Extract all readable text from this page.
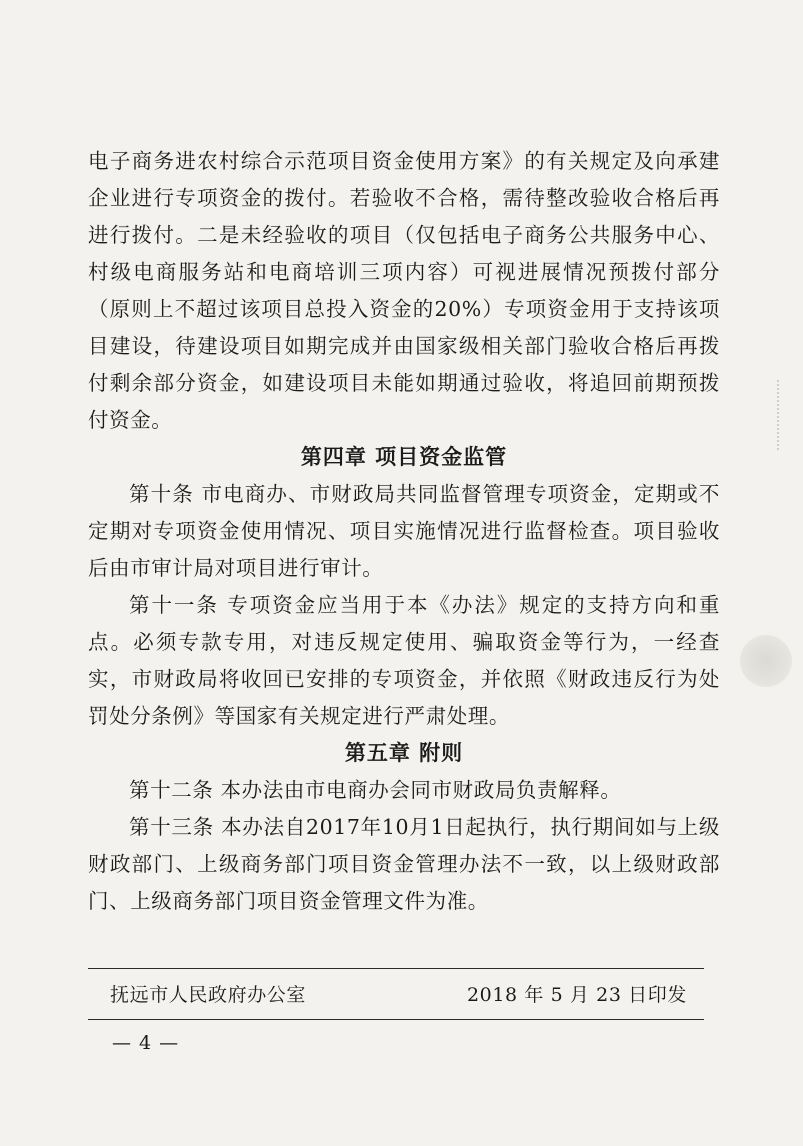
电子商务进农村综合示范项目资金使用方案》的有关规定及向承建企业进行专项资金的拨付。若验收不合格，需待整改验收合格后再进行拨付。二是未经验收的项目（仅包括电子商务公共服务中心、村级电商服务站和电商培训三项内容）可视进展情况预拨付部分（原则上不超过该项目总投入资金的20%）专项资金用于支持该项目建设，待建设项目如期完成并由国家级相关部门验收合格后再拨付剩余部分资金，如建设项目未能如期通过验收，将追回前期预拨付资金。

第四章 项目资金监管

第十条 市电商办、市财政局共同监督管理专项资金，定期或不定期对专项资金使用情况、项目实施情况进行监督检查。项目验收后由市审计局对项目进行审计。

第十一条 专项资金应当用于本《办法》规定的支持方向和重点。必须专款专用，对违反规定使用、骗取资金等行为，一经查实，市财政局将收回已安排的专项资金，并依照《财政违反行为处罚处分条例》等国家有关规定进行严肃处理。

第五章 附则

第十二条 本办法由市电商办会同市财政局负责解释。

第十三条 本办法自2017年10月1日起执行，执行期间如与上级财政部门、上级商务部门项目资金管理办法不一致，以上级财政部门、上级商务部门项目资金管理文件为准。

抚远市人民政府办公室	2018 年 5 月 23 日印发
— 4 —
